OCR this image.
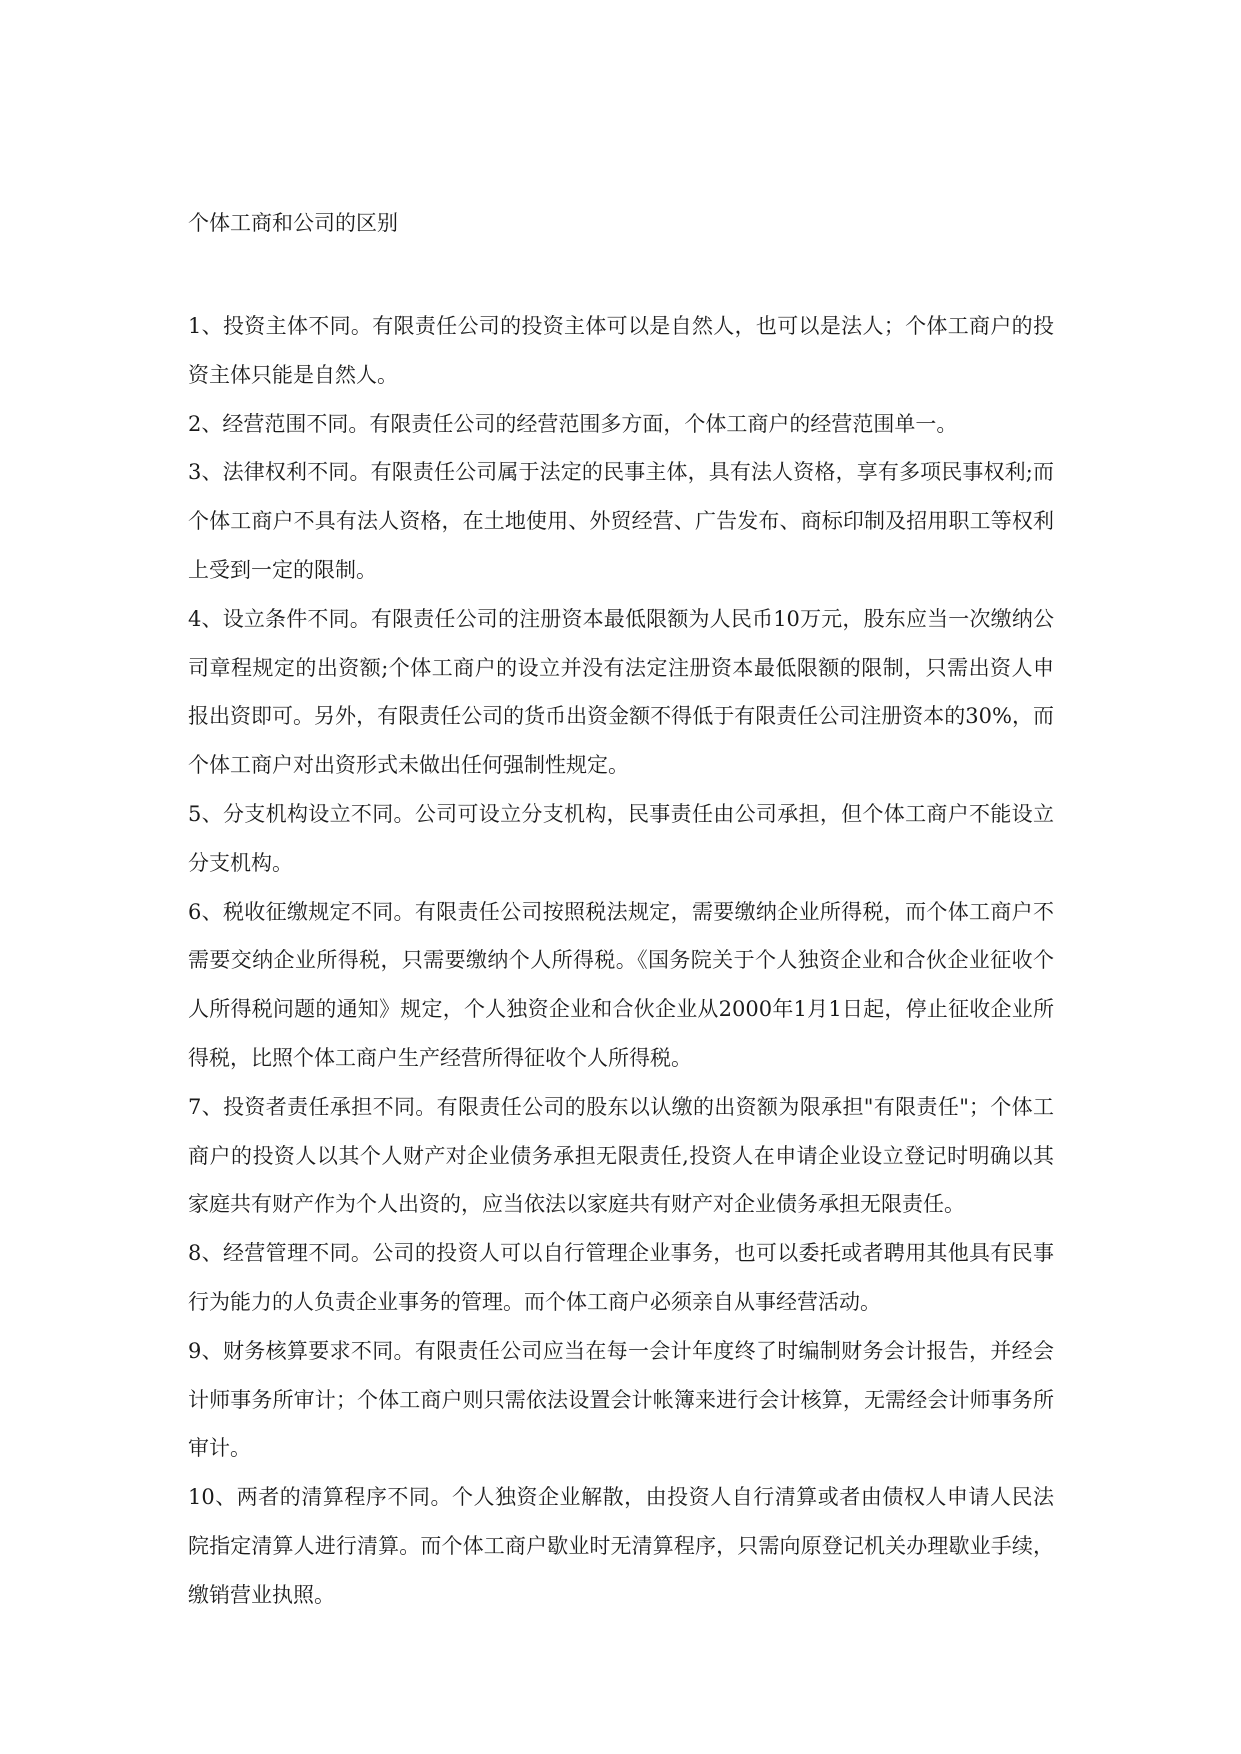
个体工商和公司的区别

1、投资主体不同。有限责任公司的投资主体可以是自然人，也可以是法人；个体工商户的投资主体只能是自然人。

2、经营范围不同。有限责任公司的经营范围多方面，个体工商户的经营范围单一。

3、法律权利不同。有限责任公司属于法定的民事主体，具有法人资格，享有多项民事权利;而个体工商户不具有法人资格，在土地使用、外贸经营、广告发布、商标印制及招用职工等权利上受到一定的限制。

4、设立条件不同。有限责任公司的注册资本最低限额为人民币10万元，股东应当一次缴纳公司章程规定的出资额;个体工商户的设立并没有法定注册资本最低限额的限制，只需出资人申报出资即可。另外，有限责任公司的货币出资金额不得低于有限责任公司注册资本的30%，而个体工商户对出资形式未做出任何强制性规定。

5、分支机构设立不同。公司可设立分支机构，民事责任由公司承担，但个体工商户不能设立分支机构。

6、税收征缴规定不同。有限责任公司按照税法规定，需要缴纳企业所得税，而个体工商户不需要交纳企业所得税，只需要缴纳个人所得税。《国务院关于个人独资企业和合伙企业征收个人所得税问题的通知》规定，个人独资企业和合伙企业从2000年1月1日起，停止征收企业所得税，比照个体工商户生产经营所得征收个人所得税。

7、投资者责任承担不同。有限责任公司的股东以认缴的出资额为限承担"有限责任"；个体工商户的投资人以其个人财产对企业债务承担无限责任,投资人在申请企业设立登记时明确以其家庭共有财产作为个人出资的，应当依法以家庭共有财产对企业债务承担无限责任。

8、经营管理不同。公司的投资人可以自行管理企业事务，也可以委托或者聘用其他具有民事行为能力的人负责企业事务的管理。而个体工商户必须亲自从事经营活动。

9、财务核算要求不同。有限责任公司应当在每一会计年度终了时编制财务会计报告，并经会计师事务所审计；个体工商户则只需依法设置会计帐簿来进行会计核算，无需经会计师事务所审计。

10、两者的清算程序不同。个人独资企业解散，由投资人自行清算或者由债权人申请人民法院指定清算人进行清算。而个体工商户歇业时无清算程序，只需向原登记机关办理歇业手续，缴销营业执照。
